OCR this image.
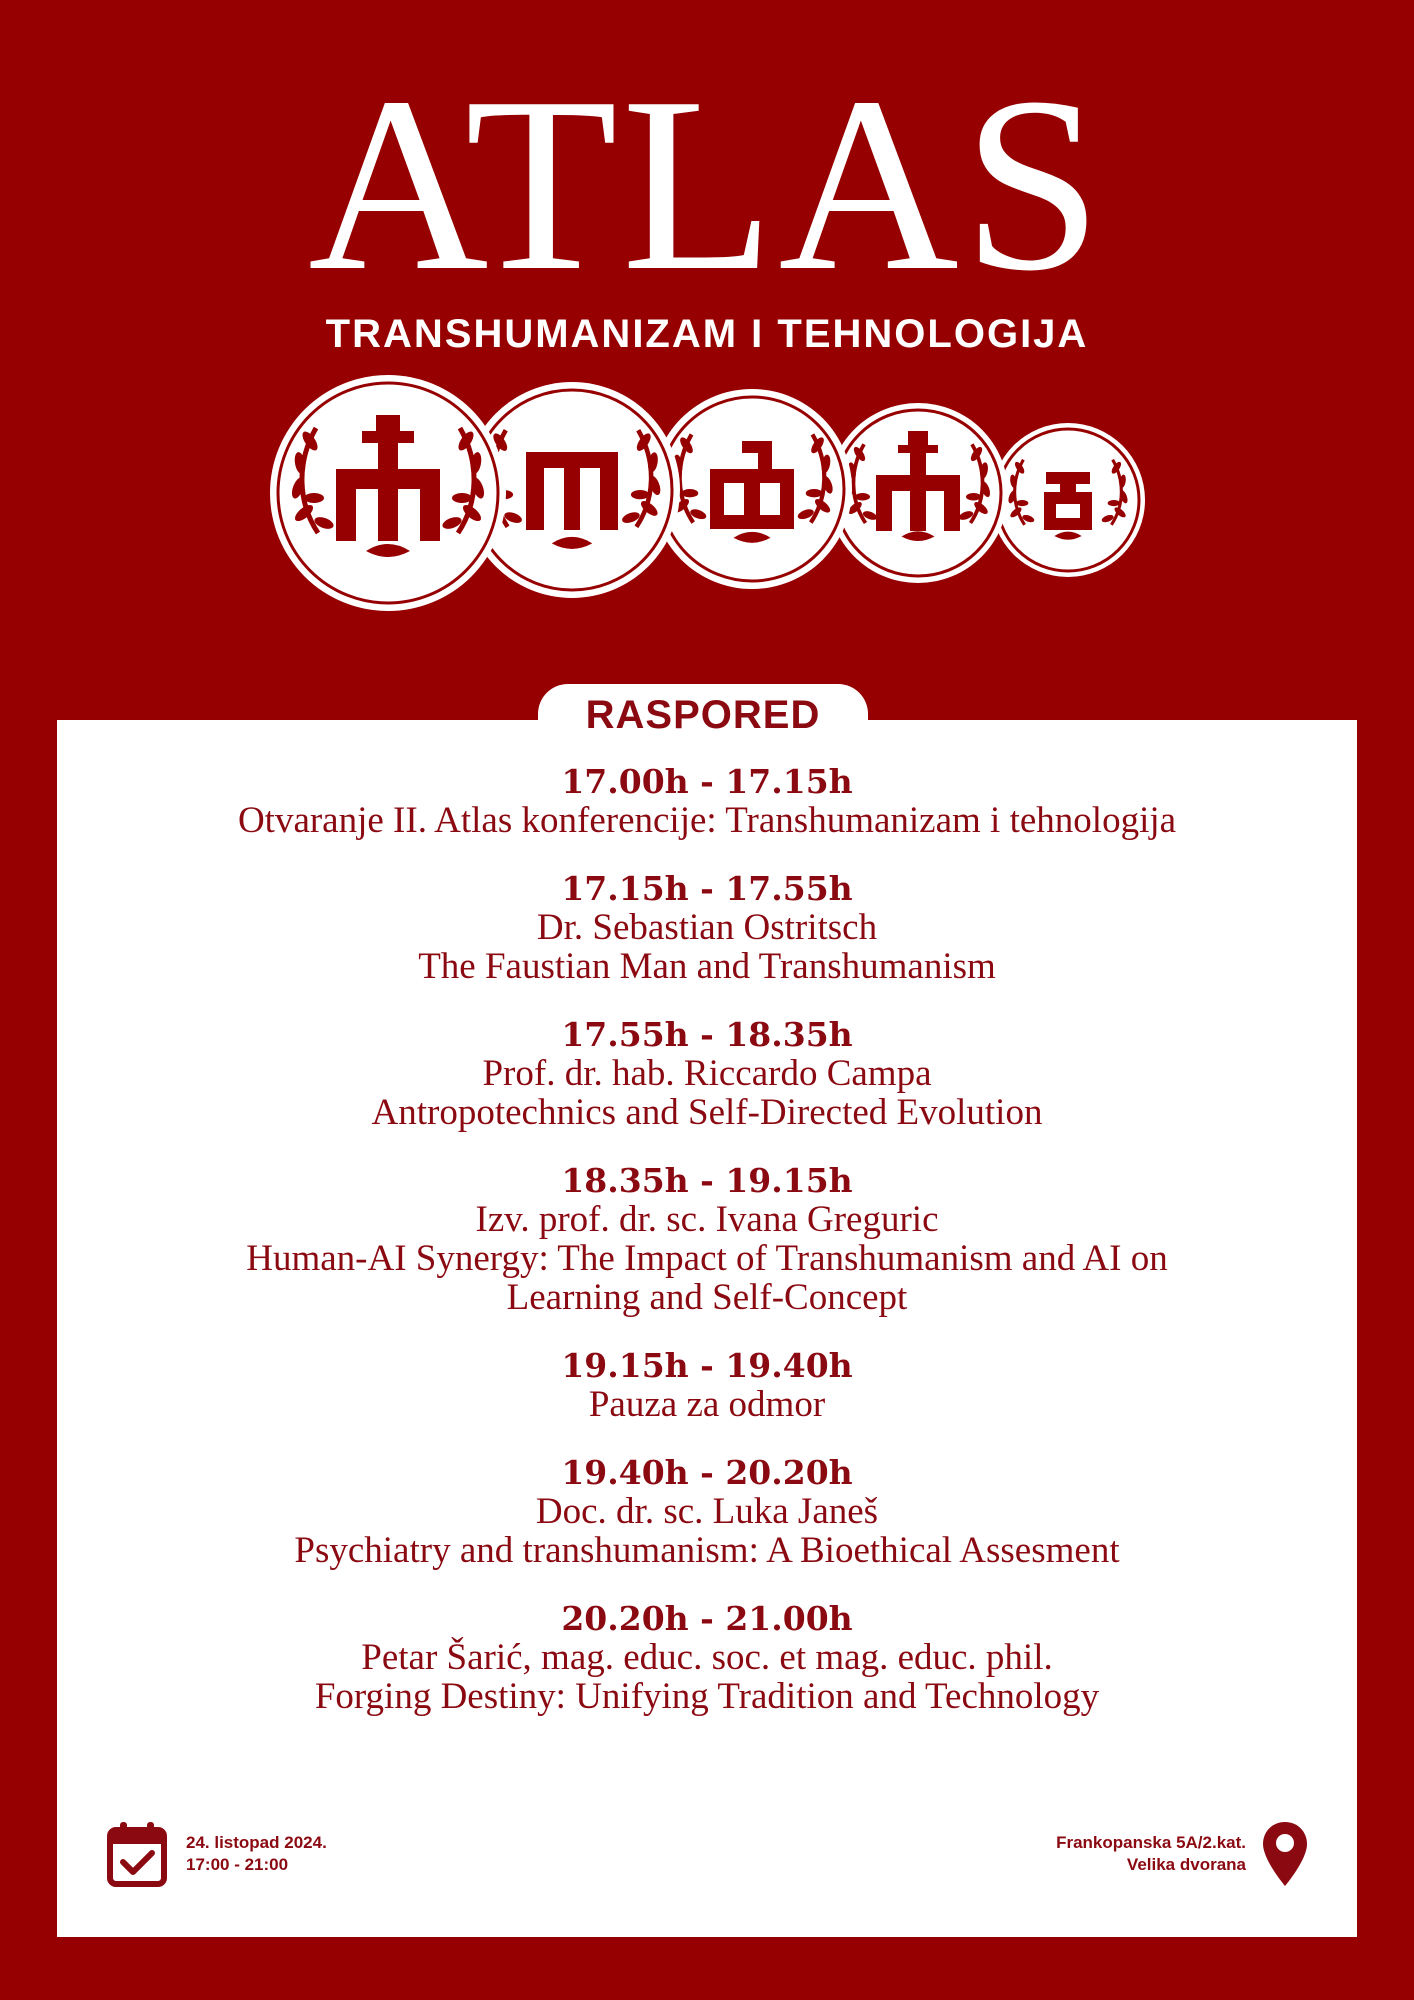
ATLAS
TRANSHUMANIZAM I TEHNOLOGIJA
RASPORED
17.00h - 17.15h
Otvaranje II. Atlas konferencije: Transhumanizam i tehnologija
17.15h - 17.55h
Dr. Sebastian Ostritsch
The Faustian Man and Transhumanism
17.55h - 18.35h
Prof. dr. hab. Riccardo Campa
Antropotechnics and Self-Directed Evolution
18.35h - 19.15h
Izv. prof. dr. sc. Ivana Greguric
Human-AI Synergy: The Impact of Transhumanism and AI on
Learning and Self-Concept
19.15h - 19.40h
Pauza za odmor
19.40h - 20.20h
Doc. dr. sc. Luka Janeš
Psychiatry and transhumanism: A Bioethical Assesment
20.20h - 21.00h
Petar Šarić, mag. educ. soc. et mag. educ. phil.
Forging Destiny: Unifying Tradition and Technology
24. listopad 2024.
17:00 - 21:00
Frankopanska 5A/2.kat.
Velika dvorana
